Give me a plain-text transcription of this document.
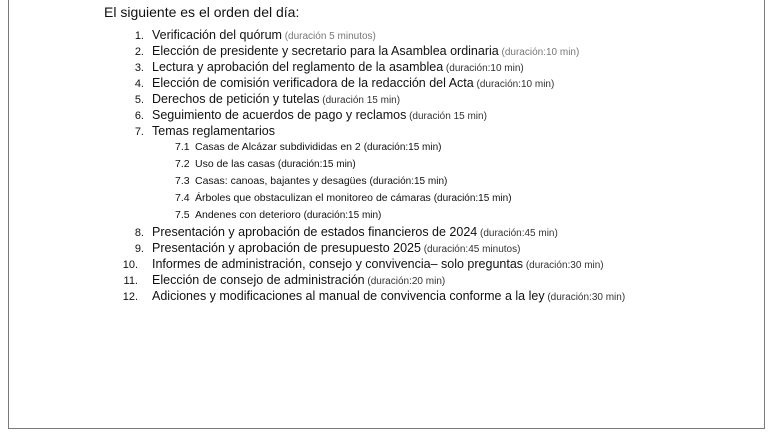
El siguiente es el orden del día:
1. Verificación del quórum (duración 5 minutos)
2. Elección de presidente y secretario para la Asamblea ordinaria (duración:10 min)
3. Lectura y aprobación del reglamento de la asamblea (duración:10 min)
4. Elección de comisión verificadora de la redacción del Acta (duración:10 min)
5. Derechos de petición y tutelas (duración 15 min)
6. Seguimiento de acuerdos de pago y reclamos (duración 15 min)
7. Temas reglamentarios
7.1 Casas de Alcázar subdivididas en 2 (duración:15 min)
7.2 Uso de las casas (duración:15 min)
7.3 Casas: canoas, bajantes y desagües (duración:15 min)
7.4 Árboles que obstaculizan el monitoreo de cámaras (duración:15 min)
7.5 Andenes con deterioro (duración:15 min)
8. Presentación y aprobación de estados financieros de 2024 (duración:45 min)
9. Presentación y aprobación de presupuesto 2025 (duración:45 minutos)
10. Informes de administración, consejo y convivencia– solo preguntas (duración:30 min)
11. Elección de consejo de administración (duración:20 min)
12. Adiciones y modificaciones al manual de convivencia conforme a la ley (duración:30 min)
